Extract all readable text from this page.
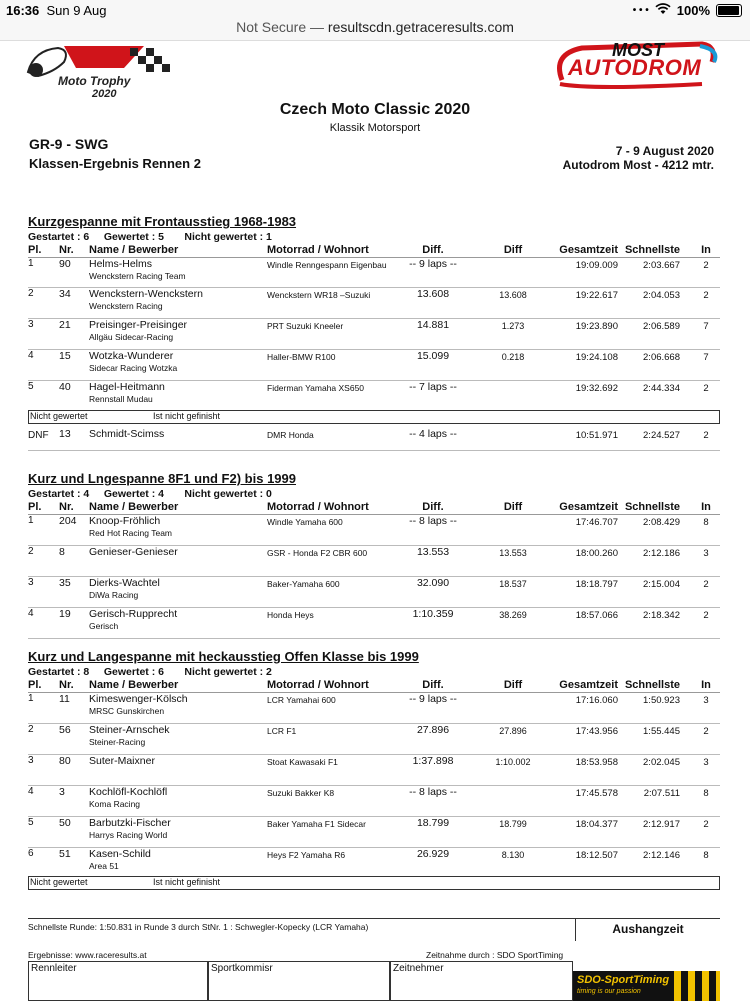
16:36 Sun 9 Aug	• • • 100%
Not Secure — resultscdn.getraceresults.com
Moto Trophy
2020
MOST
AUTODROM
Czech Moto Classic 2020
Klassik Motorsport
GR-9 - SWG
Klassen-Ergebnis Rennen 2
7 - 9 August 2020
Autodrom Most - 4212 mtr.
Kurzgespanne mit Frontausstieg 1968-1983
Gestartet : 6     Gewertet : 5       Nicht gewertet : 1
Pl. Nr. Name / Bewerber	Motorrad / Wohnort	Diff.	Diff	Gesamtzeit Schnellste	In
1 90 Helms-Helms
Wenckstern Racing Team
Windle Renngespann Eigenbau	-- 9 laps --	19:09.009	2:03.667	2
2 34 Wenckstern-Wenckstern
Wenckstern Racing
Wenckstern WR18 –Suzuki	13.608	13.608	19:22.617	2:04.053	2
3 21 Preisinger-Preisinger
Allgäu Sidecar-Racing
PRT Suzuki Kneeler	14.881	1.273	19:23.890	2:06.589	7
4 15 Wotzka-Wunderer
Sidecar Racing Wotzka
Haller-BMW R100	15.099	0.218	19:24.108	2:06.668	7
5 40 Hagel-Heitmann
Rennstall Mudau
Fiderman Yamaha XS650	-- 7 laps --	19:32.692	2:44.334	2
Nicht gewertet	Ist nicht gefinisht
DNF 13 Schmidt-Scimss	DMR Honda	-- 4 laps --	10:51.971	2:24.527	2
Kurz und Lngespanne 8F1 und F2) bis 1999
Gestartet : 4     Gewertet : 4       Nicht gewertet : 0
Pl. Nr. Name / Bewerber	Motorrad / Wohnort	Diff.	Diff	Gesamtzeit Schnellste	In
1 204 Knoop-Fröhlich
Red Hot Racing Team
Windle Yamaha 600	-- 8 laps --	17:46.707	2:08.429	8
2 8 Genieser-Genieser	GSR - Honda F2 CBR 600	13.553	13.553	18:00.260	2:12.186	3
3 35 Dierks-Wachtel
DiWa Racing
Baker-Yamaha 600	32.090	18.537	18:18.797	2:15.004	2
4 19 Gerisch-Rupprecht
Gerisch
Honda Heys	1:10.359	38.269	18:57.066	2:18.342	2
Kurz und Langespanne mit heckausstieg Offen Klasse bis 1999
Gestartet : 8     Gewertet : 6       Nicht gewertet : 2
Pl. Nr. Name / Bewerber	Motorrad / Wohnort	Diff.	Diff	Gesamtzeit Schnellste	In
1 11 Kimeswenger-Kölsch
MRSC Gunskirchen
LCR Yamahai 600	-- 9 laps --	17:16.060	1:50.923	3
2 56 Steiner-Arnschek
Steiner-Racing
LCR F1	27.896	27.896	17:43.956	1:55.445	2
3 80 Suter-Maixner	Stoat Kawasaki F1	1:37.898	1:10.002	18:53.958	2:02.045	3
4 3 Kochlöfl-Kochlöfl
Koma Racing
Suzuki Bakker K8	-- 8 laps --	17:45.578	2:07.511	8
5 50 Barbutzki-Fischer
Harrys Racing World
Baker Yamaha F1 Sidecar	18.799	18.799	18:04.377	2:12.917	2
6 51 Kasen-Schild
Area 51
Heys F2 Yamaha R6	26.929	8.130	18:12.507	2:12.146	8
Nicht gewertet	Ist nicht gefinisht
Schnellste Runde: 1:50.831 in Runde 3 durch StNr. 1 : Schwegler-Kopecky (LCR Yamaha)	Aushangzeit
Ergebnisse: www.raceresults.at	Zeitnahme durch : SDO SportTiming
Rennleiter	Sportkommisr	Zeitnehmer
SDO-SportTiming
timing is our passion
